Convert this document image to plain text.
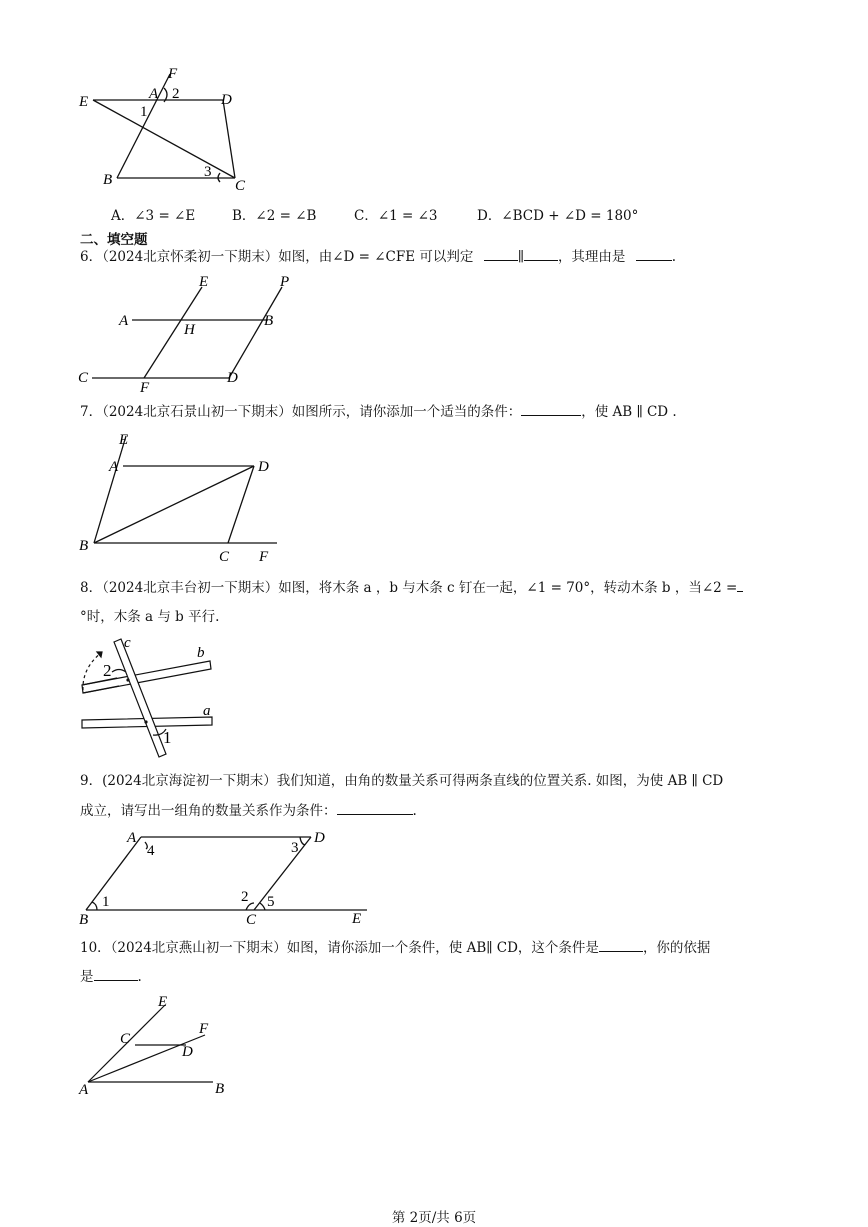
F
E	A 2	D
1
B	3
C
A．∠3 = ∠E	B．∠2 = ∠B	C．∠1 = ∠3	D．∠BCD + ∠D = 180°
二、填空题
6．（2024北京怀柔初一下期末）如图，由∠D = ∠CFE 可以判定	∥	，其理由是	.
E	P
A	B
H
C
F
D
7．（2024北京石景山初一下期末）如图所示，请你添加一个适当的条件：	，使 AB ∥ CD .
E
A	D
B
C F
8．（2024北京丰台初一下期末）如图，将木条 a ，b 与木条 c 钉在一起，∠1 = 70°，转动木条 b ，当∠2 =
°时，木条 a 与 b 平行.
c
b
2
a
1
9．(2024北京海淀初一下期末）我们知道，由角的数量关系可得两条直线的位置关系. 如图，为使 AB ∥ CD
成立，请写出一组角的数量关系作为条件：	.
A
4	3
D
1	2 5
B	C	E
10．（2024北京燕山初一下期末）如图，请你添加一个条件，使 AB∥ CD，这个条件是	，你的依据
是	.
E
F
C
D
A	B
第 2页/共 6页
